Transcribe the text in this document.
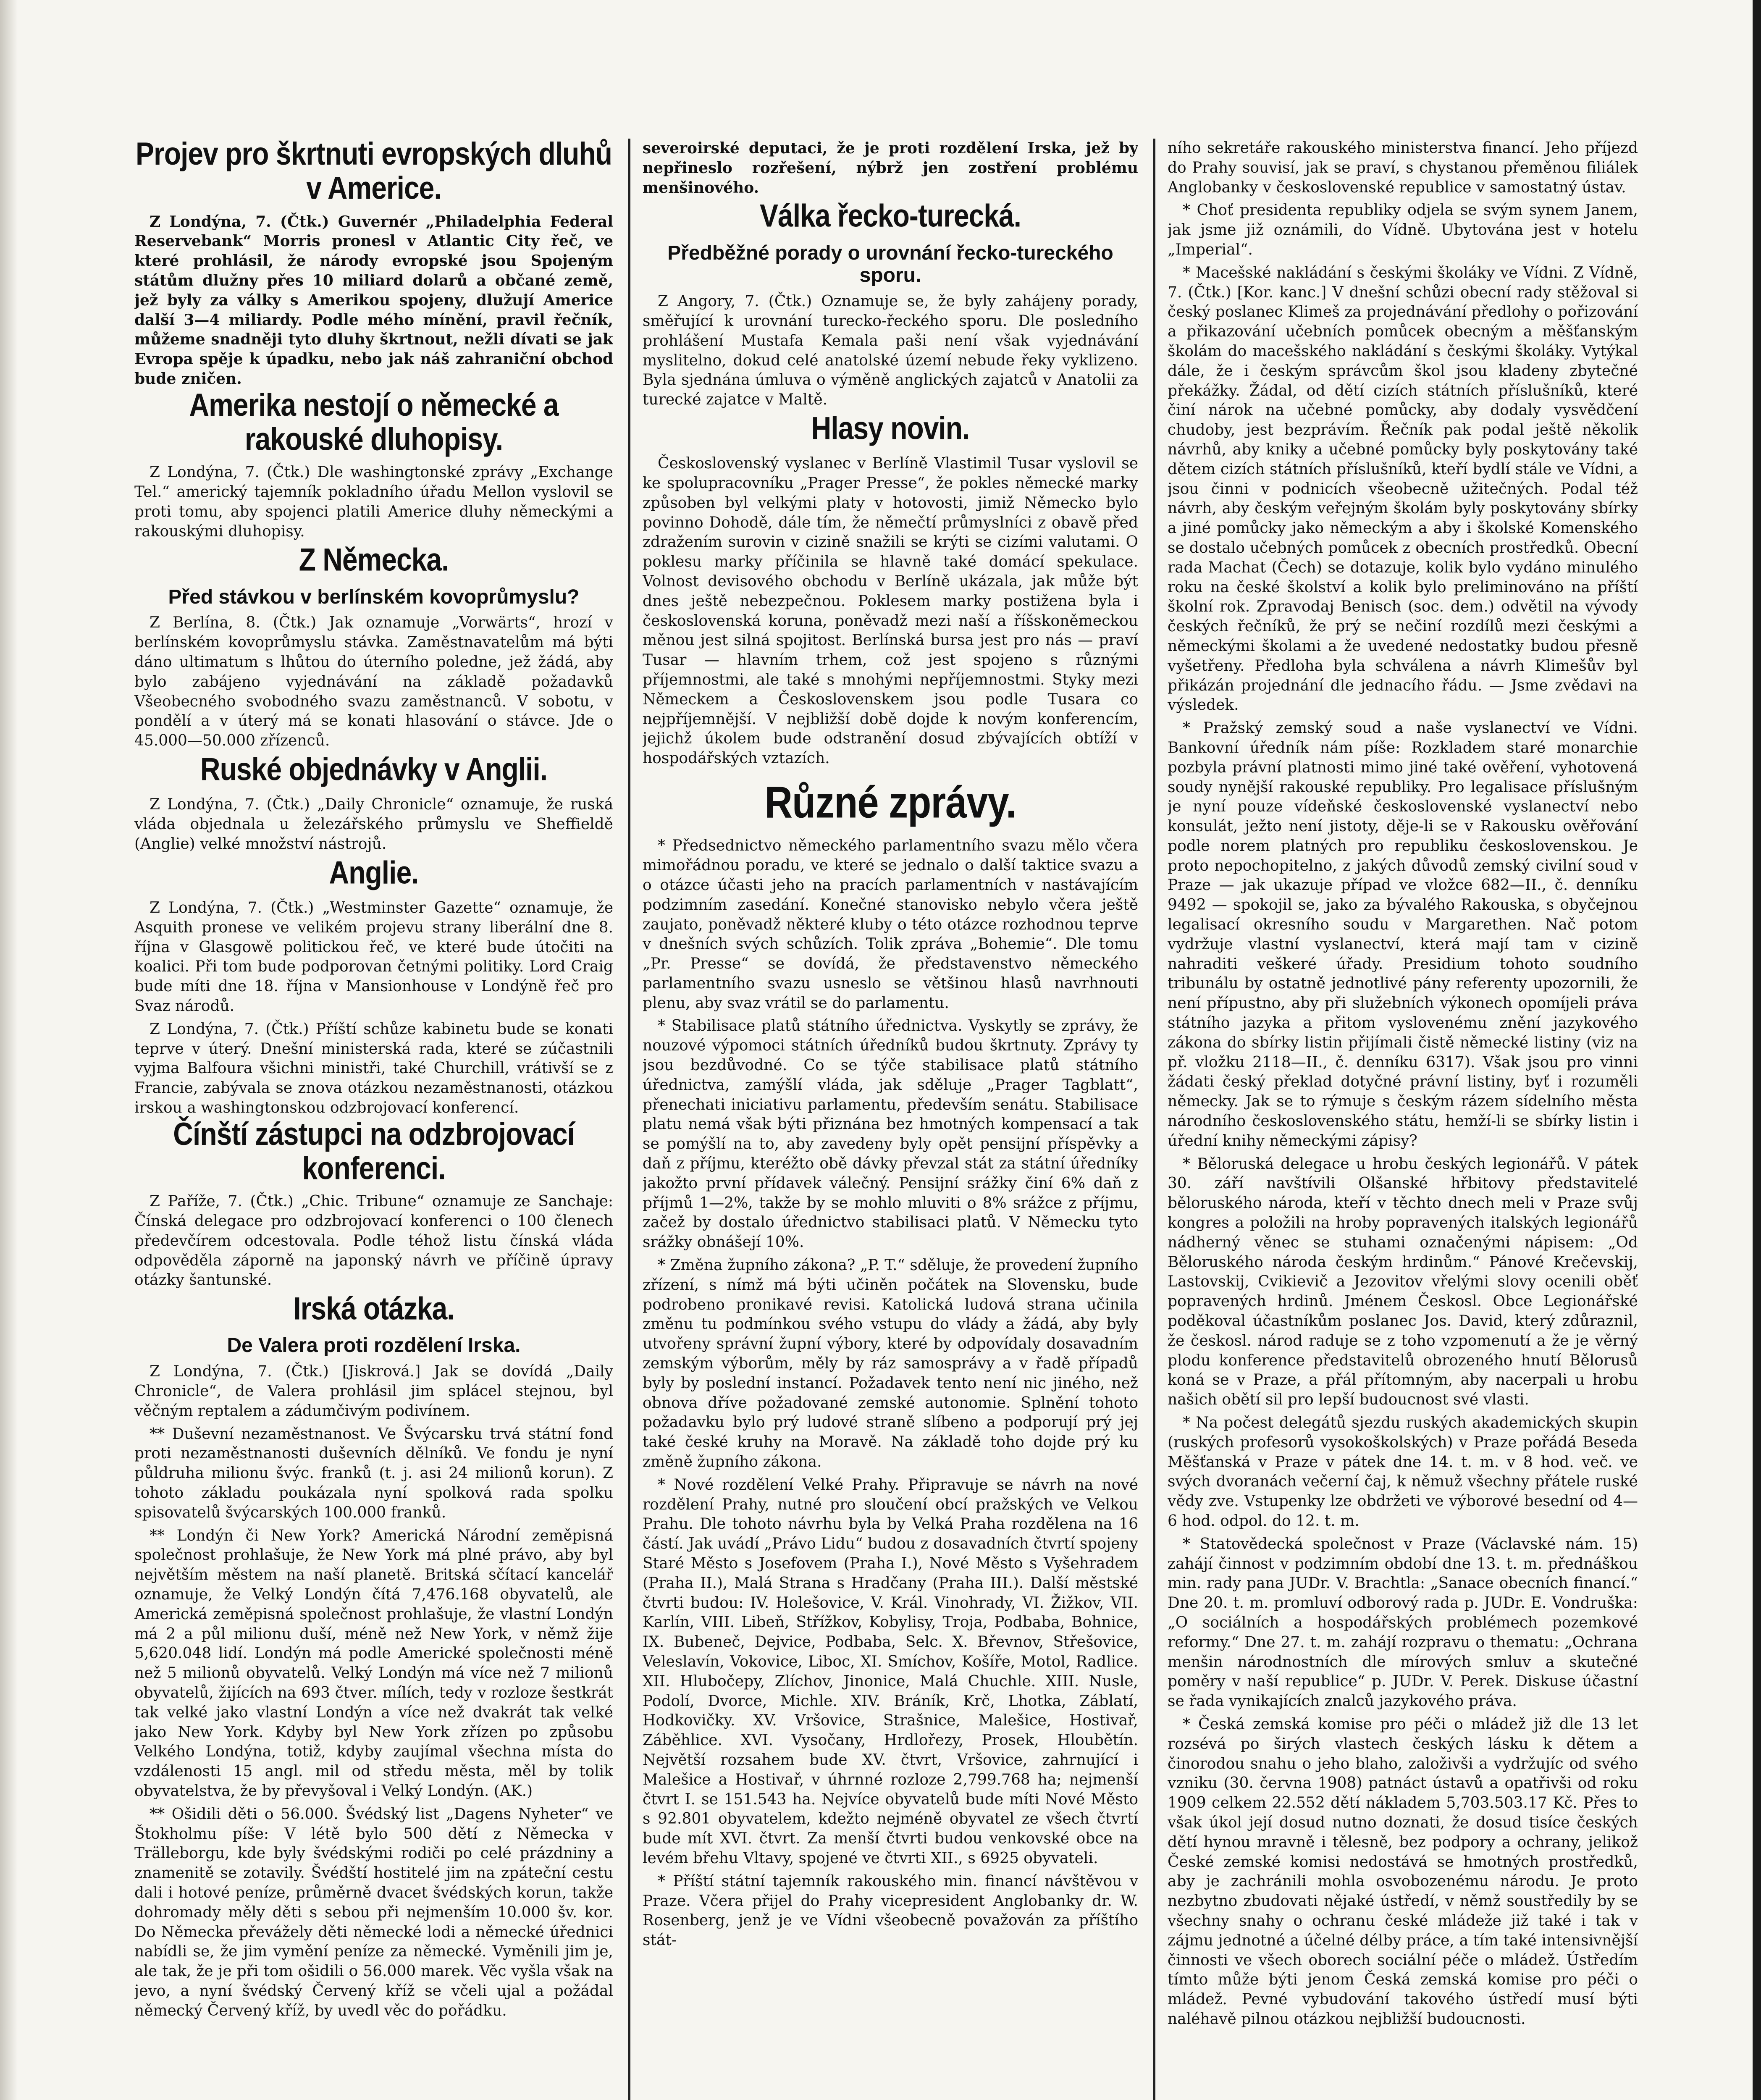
Projev pro škrtnuti evropských dluhů v Americe.

Z Londýna, 7. (Čtk.) Guvernér „Philadelphia Federal Reservebank“ Morris pronesl v Atlantic City řeč, ve které prohlásil, že národy evropské jsou Spojeným státům dlužny přes 10 miliard dolarů a občané země, jež byly za války s Amerikou spojeny, dlužují Americe další 3—4 miliardy. Podle mého mínění, pravil řečník, můžeme snadněji tyto dluhy škrtnout, nežli dívati se jak Evropa spěje k úpadku, nebo jak náš zahraniční obchod bude zničen.

Amerika nestojí o německé a rakouské dluhopisy.

Z Londýna, 7. (Čtk.) Dle washingtonské zprávy „Exchange Tel.“ americký tajemník pokladního úřadu Mellon vyslovil se proti tomu, aby spojenci platili Americe dluhy německými a rakouskými dluhopisy.

Z Německa.
Před stávkou v berlínském kovoprůmyslu?

Z Berlína, 8. (Čtk.) Jak oznamuje „Vorwärts“, hrozí v berlínském kovoprůmyslu stávka. Zaměstnavatelům má býti dáno ultimatum s lhůtou do úterního poledne, jež žádá, aby bylo zabájeno vyjednávání na základě požadavků Všeobecného svobodného svazu zaměstnanců. V sobotu, v pondělí a v úterý má se konati hlasování o stávce. Jde o 45.000—50.000 zřízenců.

Ruské objednávky v Anglii.

Z Londýna, 7. (Čtk.) „Daily Chronicle“ oznamuje, že ruská vláda objednala u železářského průmyslu ve Sheffieldě (Anglie) velké množství nástrojů.

Anglie.

Z Londýna, 7. (Čtk.) „Westminster Gazette“ oznamuje, že Asquith pronese ve velikém projevu strany liberální dne 8. října v Glasgowě politickou řeč, ve které bude útočiti na koalici. Při tom bude podporovan četnými politiky. Lord Craig bude míti dne 18. října v Mansionhouse v Londýně řeč pro Svaz národů.

Z Londýna, 7. (Čtk.) Příští schůze kabinetu bude se konati teprve v úterý. Dnešní ministerská rada, které se zúčastnili vyjma Balfoura všichni ministři, také Churchill, vrátivší se z Francie, zabývala se znova otázkou nezaměstnanosti, otázkou irskou a washingtonskou odzbrojovací konferencí.

Čínští zástupci na odzbrojovací konferenci.

Z Paříže, 7. (Čtk.) „Chic. Tribune“ oznamuje ze Sanchaje: Čínská delegace pro odzbrojovací konferenci o 100 členech předevčírem odcestovala. Podle téhož listu čínská vláda odpověděla záporně na japonský návrh ve příčině úpravy otázky šantunské.

Irská otázka.
De Valera proti rozdělení Irska.

Z Londýna, 7. (Čtk.) [Jiskrová.] Jak se dovídá „Daily Chronicle“, de Valera prohlásil jim splácel stejnou, byl věčným reptalem a zádumčivým podivínem.

** Duševní nezaměstnanost. Ve Švýcarsku trvá státní fond proti nezaměstnanosti duševních dělníků. Ve fondu je nyní půldruha milionu švýc. franků (t. j. asi 24 milionů korun). Z tohoto základu poukázala nyní spolková rada spolku spisovatelů švýcarských 100.000 franků.

** Londýn či New York? Americká Národní zeměpisná společnost prohlašuje, že New York má plné právo, aby byl největším městem na naší planetě. Britská sčítací kancelář oznamuje, že Velký Londýn čítá 7,476.168 obyvatelů, ale Americká zeměpisná společnost prohlašuje, že vlastní Londýn má 2 a půl milionu duší, méně než New York, v němž žije 5,620.048 lidí. Londýn má podle Americké společnosti méně než 5 milionů obyvatelů. Velký Londýn má více než 7 milionů obyvatelů, žijících na 693 čtver. mílích, tedy v rozloze šestkrát tak velké jako vlastní Londýn a více než dvakrát tak velké jako New York. Kdyby byl New York zřízen po způsobu Velkého Londýna, totiž, kdyby zaujímal všechna místa do vzdálenosti 15 angl. mil od středu města, měl by tolik obyvatelstva, že by převyšoval i Velký Londýn. (AK.)

** Ošidili děti o 56.000. Švédský list „Dagens Nyheter“ ve Štokholmu píše: V létě bylo 500 dětí z Německa v Trälleborgu, kde byly švédskými rodiči po celé prázdniny a znamenitě se zotavily. Švédští hostitelé jim na zpáteční cestu dali i hotové peníze, průměrně dvacet švédských korun, takže dohromady měly děti s sebou při nejmenším 10.000 šv. kor. Do Německa převážely děti německé lodi a německé úřednici nabídli se, že jim vymění peníze za německé. Vyměnili jim je, ale tak, že je při tom ošidili o 56.000 marek. Věc vyšla však na jevo, a nyní švédský Červený kříž se včeli ujal a požádal německý Červený kříž, by uvedl věc do pořádku.

severoirské deputaci, že je proti rozdělení Irska, jež by nepřineslo rozřešení, nýbrž jen zostření problému menšinového.

Válka řecko-turecká.
Předběžné porady o urovnání řecko-tureckého sporu.

Z Angory, 7. (Čtk.) Oznamuje se, že byly zahájeny porady, směřující k urovnání turecko-řeckého sporu. Dle posledního prohlášení Mustafa Kemala paši není však vyjednávání myslitelno, dokud celé anatolské území nebude řeky vyklizeno. Byla sjednána úmluva o výměně anglických zajatců v Anatolii za turecké zajatce v Maltě.

Hlasy novin.

Československý vyslanec v Berlíně Vlastimil Tusar vyslovil se ke spolupracovníku „Prager Presse“, že pokles německé marky způsoben byl velkými platy v hotovosti, jimiž Německo bylo povinno Dohodě, dále tím, že němečtí průmyslníci z obavě před zdražením surovin v cizině snažili se krýti se cizími valutami. O poklesu marky příčinila se hlavně také domácí spekulace. Volnost devisového obchodu v Berlíně ukázala, jak může být dnes ještě nebezpečnou. Poklesem marky postižena byla i československá koruna, poněvadž mezi naší a říšskoněmeckou měnou jest silná spojitost. Berlínská bursa jest pro nás — praví Tusar — hlavním trhem, což jest spojeno s různými příjemnostmi, ale také s mnohými nepříjemnostmi. Styky mezi Německem a Československem jsou podle Tusara co nejpříjemnější. V nejbližší době dojde k novým konferencím, jejichž úkolem bude odstranění dosud zbývajících obtíží v hospodářských vztazích.

Různé zprávy.

* Předsednictvo německého parlamentního svazu mělo včera mimořádnou poradu, ve které se jednalo o další taktice svazu a o otázce účasti jeho na pracích parlamentních v nastávajícím podzimním zasedání. Konečné stanovisko nebylo včera ještě zaujato, poněvadž některé kluby o této otázce rozhodnou teprve v dnešních svých schůzích. Tolik zpráva „Bohemie“. Dle tomu „Pr. Presse“ se dovídá, že představenstvo německého parlamentního svazu usneslo se většinou hlasů navrhnouti plenu, aby svaz vrátil se do parlamentu.

* Stabilisace platů státního úřednictva. Vyskytly se zprávy, že nouzové výpomoci státních úředníků budou škrtnuty. Zprávy ty jsou bezdůvodné. Co se týče stabilisace platů státního úřednictva, zamýšlí vláda, jak sděluje „Prager Tagblatt“, přenechati iniciativu parlamentu, především senátu. Stabilisace platu nemá však býti přiznána bez hmotných kompensací a tak se pomýšlí na to, aby zavedeny byly opět pensijní příspěvky a daň z příjmu, kteréžto obě dávky převzal stát za státní úředníky jakožto první přídavek válečný. Pensijní srážky činí 6% daň z příjmů 1—2%, takže by se mohlo mluviti o 8% srážce z příjmu, začež by dostalo úřednictvo stabilisaci platů. V Německu tyto srážky obnášejí 10%.

* Změna župního zákona? „P. T.“ sděluje, že provedení župního zřízení, s nímž má býti učiněn počátek na Slovensku, bude podrobeno pronikavé revisi. Katolická ludová strana učinila změnu tu podmínkou svého vstupu do vlády a žádá, aby byly utvořeny správní župní výbory, které by odpovídaly dosavadním zemským výborům, měly by ráz samosprávy a v řadě případů byly by poslední instancí. Požadavek tento není nic jiného, než obnova dříve požadované zemské autonomie. Splnění tohoto požadavku bylo prý ludové straně slíbeno a podporují prý jej také české kruhy na Moravě. Na základě toho dojde prý ku změně župního zákona.

* Nové rozdělení Velké Prahy. Připravuje se návrh na nové rozdělení Prahy, nutné pro sloučení obcí pražských ve Velkou Prahu. Dle tohoto návrhu byla by Velká Praha rozdělena na 16 částí. Jak uvádí „Právo Lidu“ budou z dosavadních čtvrtí spojeny Staré Město s Josefovem (Praha I.), Nové Město s Vyšehradem (Praha II.), Malá Strana s Hradčany (Praha III.). Další městské čtvrti budou: IV. Holešovice, V. Král. Vinohrady, VI. Žižkov, VII. Karlín, VIII. Libeň, Střížkov, Kobylisy, Troja, Podbaba, Bohnice, IX. Bubeneč, Dejvice, Podbaba, Selc. X. Břevnov, Střešovice, Veleslavín, Vokovice, Liboc, XI. Smíchov, Košíře, Motol, Radlice. XII. Hlubočepy, Zlíchov, Jinonice, Malá Chuchle. XIII. Nusle, Podolí, Dvorce, Michle. XIV. Bráník, Krč, Lhotka, Záblatí, Hodkovičky. XV. Vršovice, Strašnice, Malešice, Hostivař, Záběhlice. XVI. Vysočany, Hrdlořezy, Prosek, Hloubětín. Největší rozsahem bude XV. čtvrt, Vršovice, zahrnující i Malešice a Hostivař, v úhrnné rozloze 2,799.768 ha; nejmenší čtvrt I. se 151.543 ha. Nejvíce obyvatelů bude míti Nové Město s 92.801 obyvatelem, kdežto nejméně obyvatel ze všech čtvrtí bude mít XVI. čtvrt. Za menší čtvrti budou venkovské obce na levém břehu Vltavy, spojené ve čtvrti XII., s 6925 obyvateli.

* Příští státní tajemník rakouského min. financí návštěvou v Praze. Včera přijel do Prahy vicepresident Anglobanky dr. W. Rosenberg, jenž je ve Vídni všeobecně považován za příštího stát-

ního sekretáře rakouského ministerstva financí. Jeho příjezd do Prahy souvisí, jak se praví, s chystanou přeměnou filiálek Anglobanky v československé republice v samostatný ústav.

* Choť presidenta republiky odjela se svým synem Janem, jak jsme již oznámili, do Vídně. Ubytována jest v hotelu „Imperial“.

* Macešské nakládání s českými školáky ve Vídni. Z Vídně, 7. (Čtk.) [Kor. kanc.] V dnešní schůzi obecní rady stěžoval si český poslanec Klimeš za projednávání předlohy o pořizování a přikazování učebních pomůcek obecným a měšťanským školám do macešského nakládání s českými školáky. Vytýkal dále, že i českým správcům škol jsou kladeny zbytečné překážky. Žádal, od dětí cizích státních příslušníků, které činí nárok na učebné pomůcky, aby dodaly vysvědčení chudoby, jest bezprávím. Řečník pak podal ještě několik návrhů, aby kniky a učebné pomůcky byly poskytovány také dětem cizích státních příslušníků, kteří bydlí stále ve Vídni, a jsou činni v podnicích všeobecně užitečných. Podal též návrh, aby českým veřejným školám byly poskytovány sbírky a jiné pomůcky jako německým a aby i školské Komenského se dostalo učebných pomůcek z obecních prostředků. Obecní rada Machat (Čech) se dotazuje, kolik bylo vydáno minulého roku na české školství a kolik bylo preliminováno na příští školní rok. Zpravodaj Benisch (soc. dem.) odvětil na vývody českých řečníků, že prý se nečiní rozdílů mezi českými a německými školami a že uvedené nedostatky budou přesně vyšetřeny. Předloha byla schválena a návrh Klimešův byl přikázán projednání dle jednacího řádu. — Jsme zvědavi na výsledek.

* Pražský zemský soud a naše vyslanectví ve Vídni. Bankovní úředník nám píše: Rozkladem staré monarchie pozbyla právní platnosti mimo jiné také ověření, vyhotovená soudy nynější rakouské republiky. Pro legalisace příslušným je nyní pouze vídeňské československé vyslanectví nebo konsulát, ježto není jistoty, děje-li se v Rakousku ověřování podle norem platných pro republiku československou. Je proto nepochopitelno, z jakých důvodů zemský civilní soud v Praze — jak ukazuje případ ve vložce 682—II., č. denníku 9492 — spokojil se, jako za bývalého Rakouska, s obyčejnou legalisací okresního soudu v Margarethen. Nač potom vydržuje vlastní vyslanectví, která mají tam v cizině nahraditi veškeré úřady. Presidium tohoto soudního tribunálu by ostatně jednotlivé pány referenty upozornili, že není přípustno, aby při služebních výkonech opomíjeli práva státního jazyka a přitom vyslovenému znění jazykového zákona do sbírky listin přijímali čistě německé listiny (viz na př. vložku 2118—II., č. denníku 6317). Však jsou pro vinni žádati český překlad dotyčné právní listiny, byť i rozuměli německy. Jak se to rýmuje s českým rázem sídelního města národního československého státu, hemží-li se sbírky listin i úřední knihy německými zápisy?

* Běloruská delegace u hrobu českých legionářů. V pátek 30. září navštívili Olšanské hřbitovy představitelé běloruského národa, kteří v těchto dnech meli v Praze svůj kongres a položili na hroby popravených italských legionářů nádherný věnec se stuhami označenými nápisem: „Od Běloruského národa českým hrdinům.“ Pánové Krečevskij, Lastovskij, Cvikievič a Jezovitov vřelými slovy ocenili oběť popravených hrdinů. Jménem Českosl. Obce Legionářské poděkoval účastníkům poslanec Jos. David, který zdůraznil, že českosl. národ raduje se z toho vzpomenutí a že je věrný plodu konference představitelů obrozeného hnutí Bělorusů koná se v Praze, a přál přítomným, aby nacerpali u hrobu našich obětí sil pro lepší budoucnost své vlasti.

* Na počest delegátů sjezdu ruských akademických skupin (ruských profesorů vysokoškolských) v Praze pořádá Beseda Měšťanská v Praze v pátek dne 14. t. m. v 8 hod. več. ve svých dvoranách večerní čaj, k němuž všechny přátele ruské vědy zve. Vstupenky lze obdržeti ve výborové besední od 4—6 hod. odpol. do 12. t. m.

* Statovědecká společnost v Praze (Václavské nám. 15) zahájí činnost v podzimním období dne 13. t. m. přednáškou min. rady pana JUDr. V. Brachtla: „Sanace obecních financí.“ Dne 20. t. m. promluví odborový rada p. JUDr. E. Vondruška: „O sociálních a hospodářských problémech pozemkové reformy.“ Dne 27. t. m. zahájí rozpravu o thematu: „Ochrana menšin národnostních dle mírových smluv a skutečné poměry v naší republice“ p. JUDr. V. Perek. Diskuse účastní se řada vynikajících znalců jazykového práva.

* Česká zemská komise pro péči o mládež již dle 13 let rozsévá po širých vlastech českých lásku k dětem a činorodou snahu o jeho blaho, založivši a vydržujíc od svého vzniku (30. června 1908) patnáct ústavů a opatřivši od roku 1909 celkem 22.552 dětí nákladem 5,703.503.17 Kč. Přes to však úkol její dosud nutno doznati, že dosud tisíce českých dětí hynou mravně i tělesně, bez podpory a ochrany, jelikož České zemské komisi nedostává se hmotných prostředků, aby je zachránili mohla osvobozenému národu. Je proto nezbytno zbudovati nějaké ústředí, v němž soustředily by se všechny snahy o ochranu české mládeže již také i tak v zájmu jednotné a účelné délby práce, a tím také intensivnější činnosti ve všech oborech sociální péče o mládež. Ústředím tímto může býti jenom Česká zemská komise pro péči o mládež. Pevné vybudování takového ústředí musí býti naléhavě pilnou otázkou nejbližší budoucnosti.
